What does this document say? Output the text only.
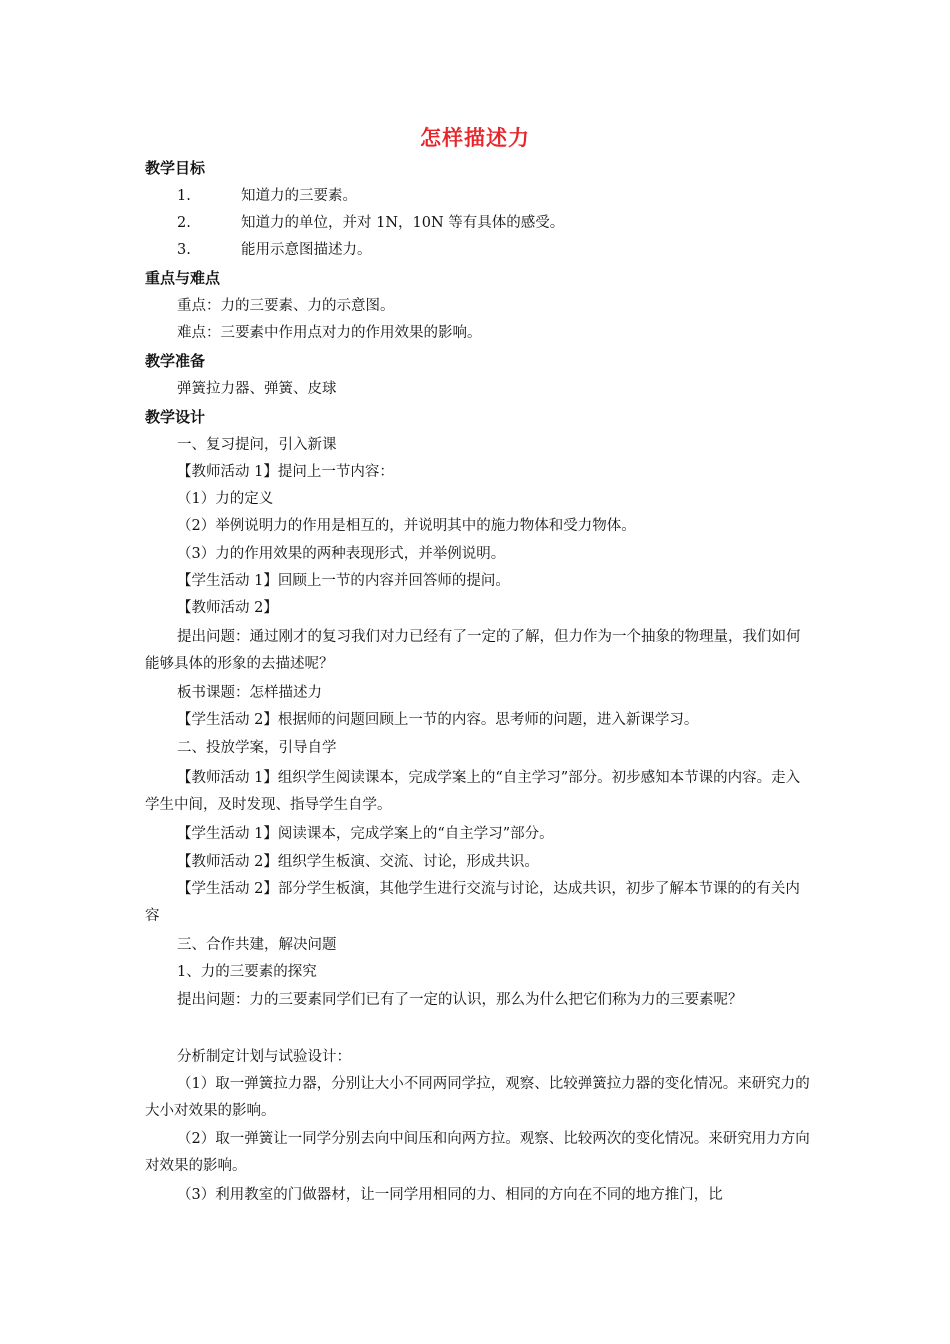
怎样描述力
教学目标
1.	知道力的三要素。
2.	知道力的单位，并对 1N，10N 等有具体的感受。
3.	能用示意图描述力。
重点与难点
重点：力的三要素、力的示意图。
难点：三要素中作用点对力的作用效果的影响。
教学准备
弹簧拉力器、弹簧、皮球
教学设计
一、复习提问，引入新课
【教师活动 1】提问上一节内容：
（1）力的定义
（2）举例说明力的作用是相互的，并说明其中的施力物体和受力物体。
（3）力的作用效果的两种表现形式，并举例说明。
【学生活动 1】回顾上一节的内容并回答师的提问。
【教师活动 2】
提出问题：通过刚才的复习我们对力已经有了一定的了解，但力作为一个抽象的物理量，我们如何能够具体的形象的去描述呢？
板书课题：怎样描述力
【学生活动 2】根据师的问题回顾上一节的内容。思考师的问题，进入新课学习。
二、投放学案，引导自学
【教师活动 1】组织学生阅读课本，完成学案上的“自主学习”部分。初步感知本节课的内容。走入学生中间，及时发现、指导学生自学。
【学生活动 1】阅读课本，完成学案上的“自主学习”部分。
【教师活动 2】组织学生板演、交流、讨论，形成共识。
【学生活动 2】部分学生板演，其他学生进行交流与讨论，达成共识，初步了解本节课的的有关内容
三、合作共建，解决问题
1、力的三要素的探究
提出问题：力的三要素同学们已有了一定的认识，那么为什么把它们称为力的三要素呢？
分析制定计划与试验设计：
（1）取一弹簧拉力器，分别让大小不同两同学拉，观察、比较弹簧拉力器的变化情况。来研究力的大小对效果的影响。
（2）取一弹簧让一同学分别去向中间压和向两方拉。观察、比较两次的变化情况。来研究用力方向对效果的影响。
（3）利用教室的门做器材，让一同学用相同的力、相同的方向在不同的地方推门，比
